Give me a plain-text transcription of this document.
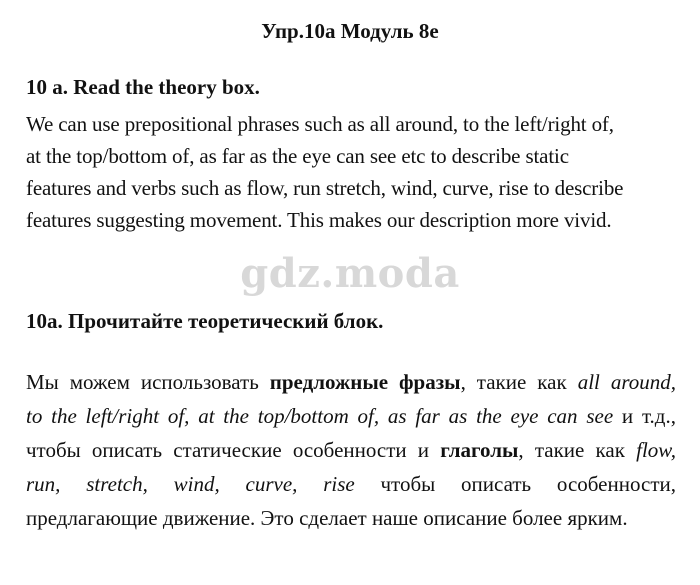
Упр.10а Модуль 8е
10 a. Read the theory box.
We can use prepositional phrases such as all around, to the left/right of,
at the top/bottom of, as far as the eye can see etc to describe static
features and verbs such as flow, run stretch, wind, curve, rise to describe
features suggesting movement. This makes our description more vivid.
gdz.moda
10а. Прочитайте теоретический блок.
Мы можем использовать предложные фразы, такие как all around,
to the left/right of, at the top/bottom of, as far as the eye can see и т.д.,
чтобы описать статические особенности и глаголы, такие как flow,
run, stretch, wind, curve, rise чтобы описать особенности,
предлагающие движение. Это сделает наше описание более ярким.
